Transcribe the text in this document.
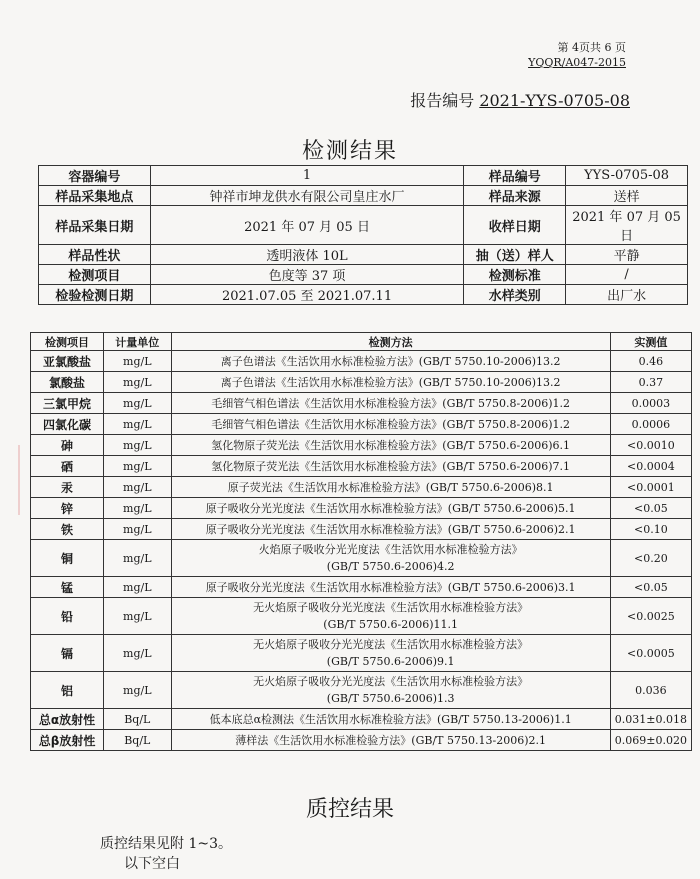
第 4页共 6 页
YQQR/A047-2015
报告编号 2021-YYS-0705-08
检测结果
容器编号	1	样品编号	YYS-0705-08
样品采集地点	钟祥市坤龙供水有限公司皇庄水厂	样品来源	送样
样品采集日期	2021 年 07 月 05 日	收样日期	2021 年 07 月 05 日
样品性状	透明液体 10L	抽（送）样人	平静
检测项目	色度等 37 项	检测标准	/
检验检测日期	2021.07.05 至 2021.07.11	水样类别	出厂水
检测项目	计量单位	检测方法	实测值
亚氯酸盐	mg/L	离子色谱法《生活饮用水标准检验方法》(GB/T 5750.10-2006)13.2	0.46
氯酸盐	mg/L	离子色谱法《生活饮用水标准检验方法》(GB/T 5750.10-2006)13.2	0.37
三氯甲烷	mg/L	毛细管气相色谱法《生活饮用水标准检验方法》(GB/T 5750.8-2006)1.2	0.0003
四氯化碳	mg/L	毛细管气相色谱法《生活饮用水标准检验方法》(GB/T 5750.8-2006)1.2	0.0006
砷	mg/L	氢化物原子荧光法《生活饮用水标准检验方法》(GB/T 5750.6-2006)6.1	<0.0010
硒	mg/L	氢化物原子荧光法《生活饮用水标准检验方法》(GB/T 5750.6-2006)7.1	<0.0004
汞	mg/L	原子荧光法《生活饮用水标准检验方法》(GB/T 5750.6-2006)8.1	<0.0001
锌	mg/L	原子吸收分光光度法《生活饮用水标准检验方法》(GB/T 5750.6-2006)5.1	<0.05
铁	mg/L	原子吸收分光光度法《生活饮用水标准检验方法》(GB/T 5750.6-2006)2.1	<0.10
铜	mg/L	火焰原子吸收分光光度法《生活饮用水标准检验方法》
(GB/T 5750.6-2006)4.2	<0.20
锰	mg/L	原子吸收分光光度法《生活饮用水标准检验方法》(GB/T 5750.6-2006)3.1	<0.05
铅	mg/L	无火焰原子吸收分光光度法《生活饮用水标准检验方法》
(GB/T 5750.6-2006)11.1	<0.0025
镉	mg/L	无火焰原子吸收分光光度法《生活饮用水标准检验方法》
(GB/T 5750.6-2006)9.1	<0.0005
铝	mg/L	无火焰原子吸收分光光度法《生活饮用水标准检验方法》
(GB/T 5750.6-2006)1.3	0.036
总α放射性	Bq/L	低本底总α检测法《生活饮用水标准检验方法》(GB/T 5750.13-2006)1.1	0.031±0.018
总β放射性	Bq/L	薄样法《生活饮用水标准检验方法》(GB/T 5750.13-2006)2.1	0.069±0.020
质控结果
质控结果见附 1~3。
以下空白
